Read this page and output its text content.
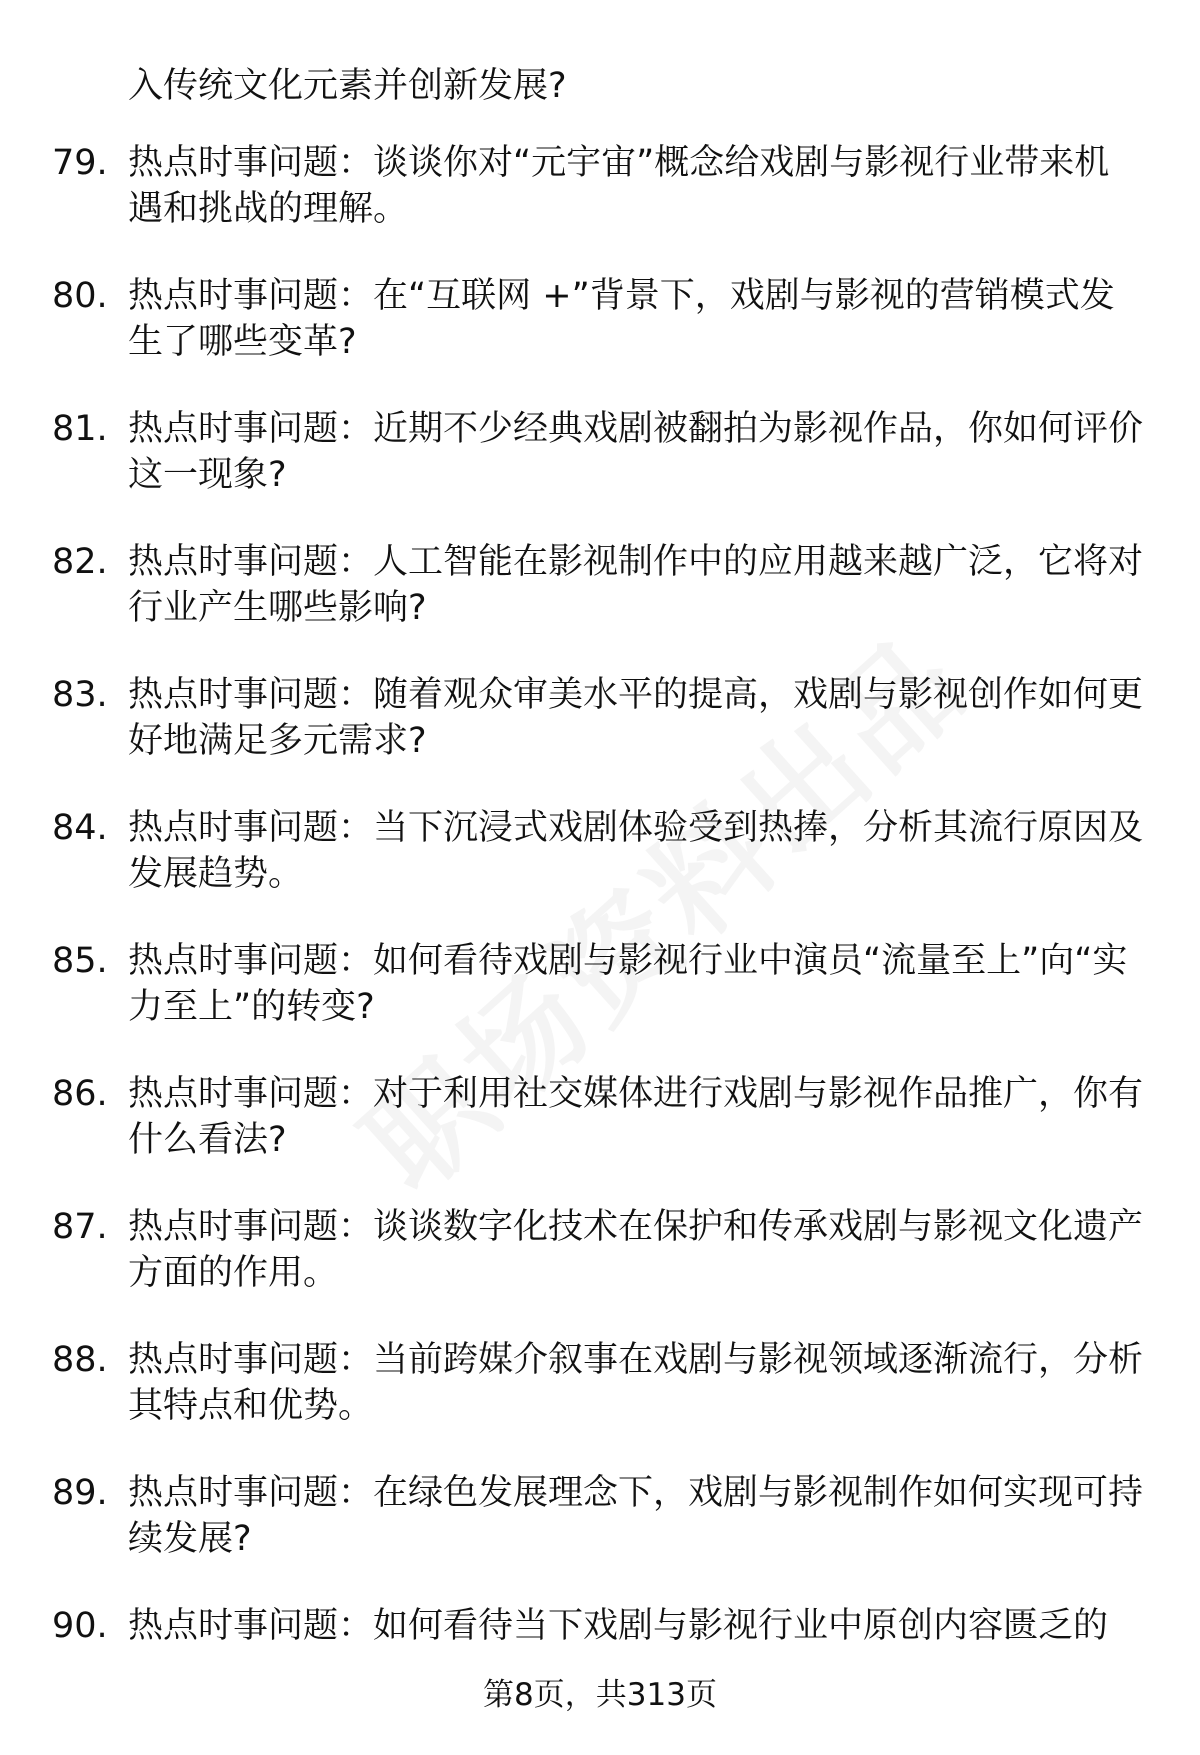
入传统文化元素并创新发展?
79. 热点时事问题：谈谈你对“元宇宙”概念给戏剧与影视行业带来机遇和挑战的理解。
80. 热点时事问题：在“互联网 +”背景下，戏剧与影视的营销模式发生了哪些变革?
81. 热点时事问题：近期不少经典戏剧被翻拍为影视作品，你如何评价这一现象?
82. 热点时事问题：人工智能在影视制作中的应用越来越广泛，它将对行业产生哪些影响?
83. 热点时事问题：随着观众审美水平的提高，戏剧与影视创作如何更好地满足多元需求?
84. 热点时事问题：当下沉浸式戏剧体验受到热捧，分析其流行原因及发展趋势。
85. 热点时事问题：如何看待戏剧与影视行业中演员“流量至上”向“实力至上”的转变?
86. 热点时事问题：对于利用社交媒体进行戏剧与影视作品推广，你有什么看法?
87. 热点时事问题：谈谈数字化技术在保护和传承戏剧与影视文化遗产方面的作用。
88. 热点时事问题：当前跨媒介叙事在戏剧与影视领域逐渐流行，分析其特点和优势。
89. 热点时事问题：在绿色发展理念下，戏剧与影视制作如何实现可持续发展?
90. 热点时事问题：如何看待当下戏剧与影视行业中原创内容匮乏的
第8页，共313页
